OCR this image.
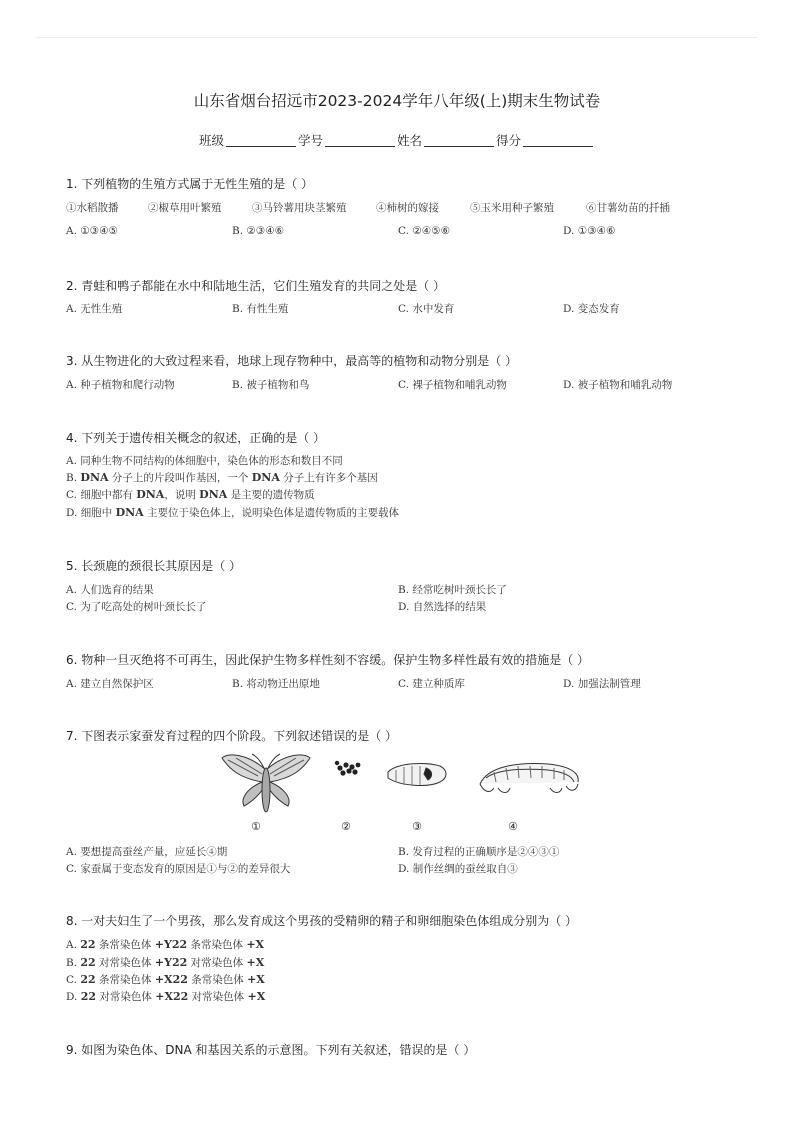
山东省烟台招远市2023-2024学年八年级(上)期末生物试卷
班级	学号	姓名	得分
1. 下列植物的生殖方式属于无性生殖的是（ ）
①水稻散播	②椒草用叶繁殖	③马铃薯用块茎繁殖	④柿树的嫁接	⑤玉米用种子繁殖	⑥甘薯幼苗的扦插
A. ①③④⑤	B. ②③④⑥	C. ②④⑤⑥	D. ①③④⑥
2. 青蛙和鸭子都能在水中和陆地生活，它们生殖发育的共同之处是（ ）
A. 无性生殖	B. 有性生殖	C. 水中发育	D. 变态发育
3. 从生物进化的大致过程来看，地球上现存物种中，最高等的植物和动物分别是（ ）
A. 种子植物和爬行动物	B. 被子植物和鸟	C. 裸子植物和哺乳动物	D. 被子植物和哺乳动物
4. 下列关于遗传相关概念的叙述，正确的是（ ）
A. 同种生物不同结构的体细胞中，染色体的形态和数目不同
B. DNA 分子上的片段叫作基因，一个 DNA 分子上有许多个基因
C. 细胞中都有 DNA，说明 DNA 是主要的遗传物质
D. 细胞中 DNA 主要位于染色体上，说明染色体是遗传物质的主要载体
5. 长颈鹿的颈很长其原因是（ ）
A. 人们选育的结果	B. 经常吃树叶颈长长了
C. 为了吃高处的树叶颈长长了	D. 自然选择的结果
6. 物种一旦灭绝将不可再生，因此保护生物多样性刻不容缓。保护生物多样性最有效的措施是（ ）
A. 建立自然保护区	B. 将动物迁出原地	C. 建立种质库	D. 加强法制管理
7. 下图表示家蚕发育过程的四个阶段。下列叙述错误的是（ ）
①	②	③	④
A. 要想提高蚕丝产量，应延长④期	B. 发育过程的正确顺序是②④③①
C. 家蚕属于变态发育的原因是①与②的差异很大	D. 制作丝绸的蚕丝取自③
8. 一对夫妇生了一个男孩，那么发育成这个男孩的受精卵的精子和卵细胞染色体组成分别为（ ）
A. 22 条常染色体 +Y22 条常染色体 +X
B. 22 对常染色体 +Y22 对常染色体 +X
C. 22 条常染色体 +X22 条常染色体 +X
D. 22 对常染色体 +X22 对常染色体 +X
9. 如图为染色体、DNA 和基因关系的示意图。下列有关叙述，错误的是（ ）
